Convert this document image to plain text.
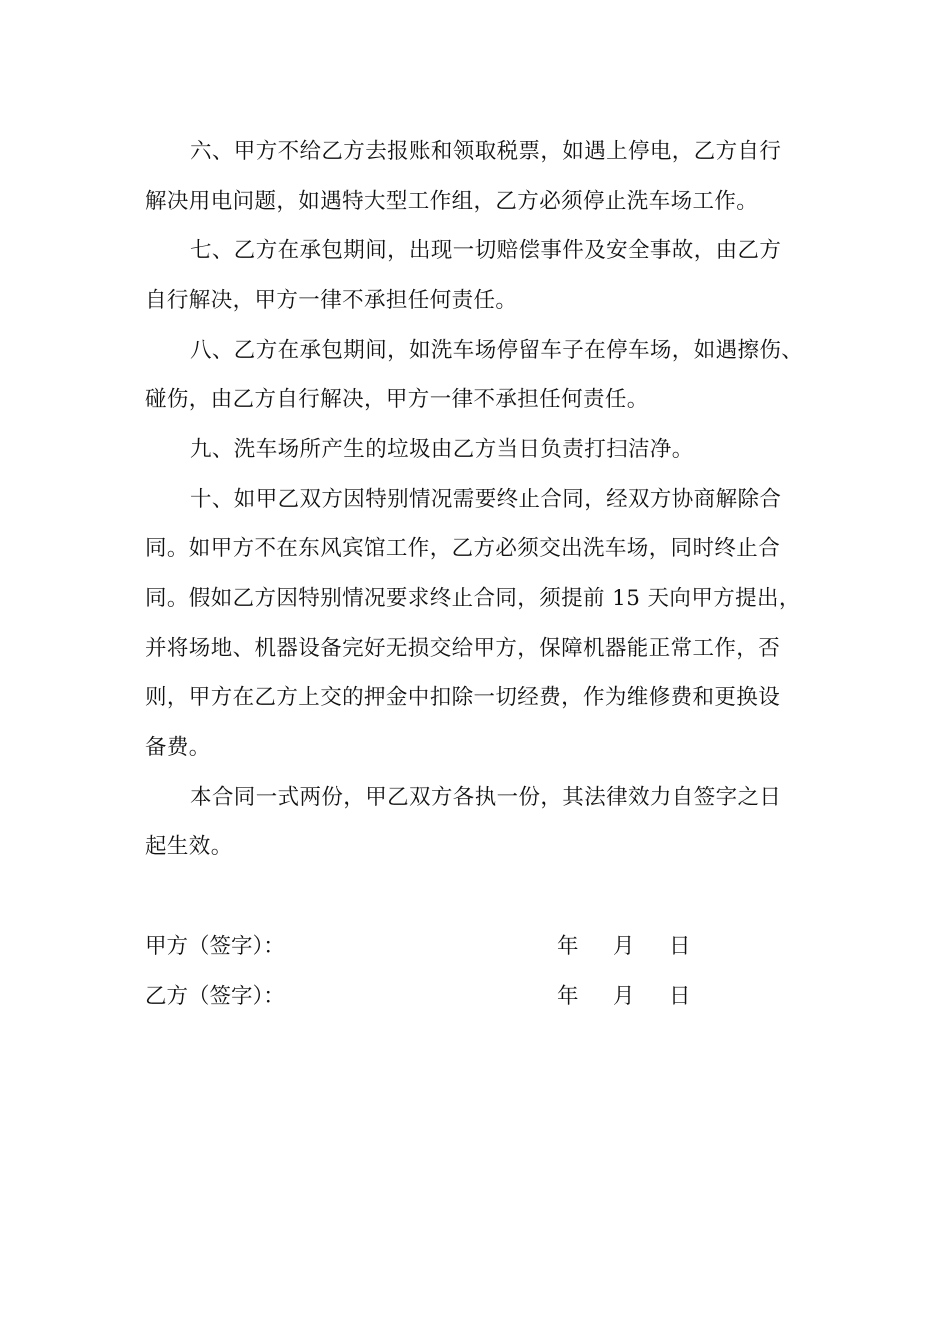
六、甲方不给乙方去报账和领取税票，如遇上停电，乙方自行
解决用电问题，如遇特大型工作组，乙方必须停止洗车场工作。
七、乙方在承包期间，出现一切赔偿事件及安全事故，由乙方
自行解决，甲方一律不承担任何责任。
八、乙方在承包期间，如洗车场停留车子在停车场，如遇擦伤、
碰伤，由乙方自行解决，甲方一律不承担任何责任。
九、洗车场所产生的垃圾由乙方当日负责打扫洁净。
十、如甲乙双方因特别情况需要终止合同，经双方协商解除合
同。如甲方不在东风宾馆工作，乙方必须交出洗车场，同时终止合
同。假如乙方因特别情况要求终止合同，须提前 15 天向甲方提出，
并将场地、机器设备完好无损交给甲方，保障机器能正常工作，否
则，甲方在乙方上交的押金中扣除一切经费，作为维修费和更换设
备费。
本合同一式两份，甲乙双方各执一份，其法律效力自签字之日
起生效。
甲方（签字）：	年 月 日
乙方（签字）：	年 月 日
